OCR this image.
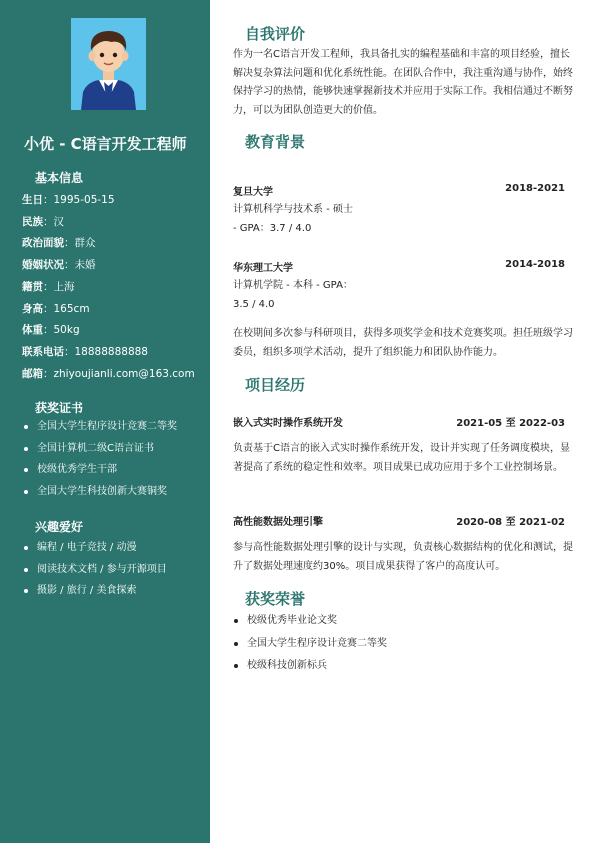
小优 - C语言开发工程师
基本信息
生日：1995-05-15
民族：汉
政治面貌：群众
婚姻状况：未婚
籍贯：上海
身高：165cm
体重：50kg
联系电话：18888888888
邮箱：zhiyoujianli.com@163.com
获奖证书
全国大学生程序设计竞赛二等奖
全国计算机二级C语言证书
校级优秀学生干部
全国大学生科技创新大赛铜奖
兴趣爱好
编程 / 电子竞技 / 动漫
阅读技术文档 / 参与开源项目
摄影 / 旅行 / 美食探索
自我评价

作为一名C语言开发工程师，我具备扎实的编程基础和丰富的项目经验，擅长解决复杂算法问题和优化系统性能。在团队合作中，我注重沟通与协作，始终保持学习的热情，能够快速掌握新技术并应用于实际工作。我相信通过不断努力，可以为团队创造更大的价值。

教育背景
复旦大学	2018-2021
计算机科学与技术系 - 硕士 - GPA：3.7 / 4.0
华东理工大学	2014-2018
计算机学院 - 本科 - GPA：3.5 / 4.0

在校期间多次参与科研项目，获得多项奖学金和技术竞赛奖项。担任班级学习委员，组织多项学术活动，提升了组织能力和团队协作能力。

项目经历
嵌入式实时操作系统开发	2021-05 至 2022-03

负责基于C语言的嵌入式实时操作系统开发，设计并实现了任务调度模块，显著提高了系统的稳定性和效率。项目成果已成功应用于多个工业控制场景。

高性能数据处理引擎	2020-08 至 2021-02

参与高性能数据处理引擎的设计与实现，负责核心数据结构的优化和测试，提升了数据处理速度约30%。项目成果获得了客户的高度认可。

获奖荣誉
校级优秀毕业论文奖
全国大学生程序设计竞赛二等奖
校级科技创新标兵
